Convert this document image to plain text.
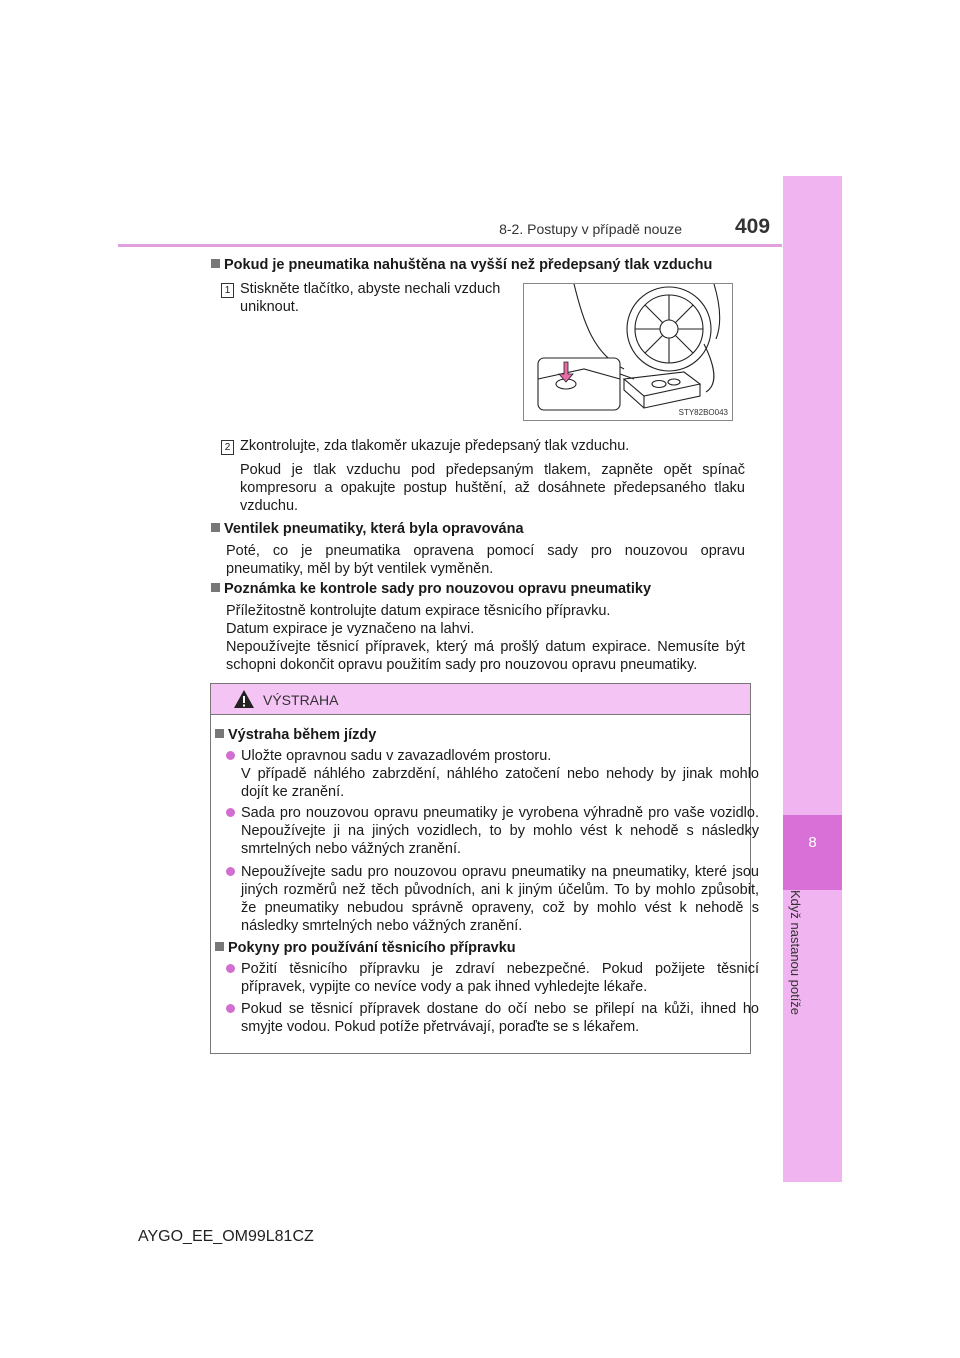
8
Když nastanou potíže
8-2. Postupy v případě nouze	409
Pokud je pneumatika nahuštěna na vyšší než předepsaný tlak vzduchu
1 Stiskněte tlačítko, abyste nechali vzduch uniknout.
STY82BO043
2 Zkontrolujte, zda tlakoměr ukazuje předepsaný tlak vzduchu.
Pokud je tlak vzduchu pod předepsaným tlakem, zapněte opět spínač kompresoru a opakujte postup huštění, až dosáhnete předepsaného tlaku vzduchu.
Ventilek pneumatiky, která byla opravována
Poté, co je pneumatika opravena pomocí sady pro nouzovou opravu pneumatiky, měl by být ventilek vyměněn.
Poznámka ke kontrole sady pro nouzovou opravu pneumatiky
Příležitostně kontrolujte datum expirace těsnicího přípravku.
Datum expirace je vyznačeno na lahvi.
Nepoužívejte těsnicí přípravek, který má prošlý datum expirace. Nemusíte být schopni dokončit opravu použitím sady pro nouzovou opravu pneumatiky.
VÝSTRAHA
Výstraha během jízdy
Uložte opravnou sadu v zavazadlovém prostoru.
V případě náhlého zabrzdění, náhlého zatočení nebo nehody by jinak mohlo dojít ke zranění.
Sada pro nouzovou opravu pneumatiky je vyrobena výhradně pro vaše vozidlo. Nepoužívejte ji na jiných vozidlech, to by mohlo vést k nehodě s následky smrtelných nebo vážných zranění.
Nepoužívejte sadu pro nouzovou opravu pneumatiky na pneumatiky, které jsou jiných rozměrů než těch původních, ani k jiným účelům. To by mohlo způsobit, že pneumatiky nebudou správně opraveny, což by mohlo vést k nehodě s následky smrtelných nebo vážných zranění.
Pokyny pro používání těsnicího přípravku
Požití těsnicího přípravku je zdraví nebezpečné. Pokud požijete těsnicí přípravek, vypijte co nevíce vody a pak ihned vyhledejte lékaře.
Pokud se těsnicí přípravek dostane do očí nebo se přilepí na kůži, ihned ho smyjte vodou. Pokud potíže přetrvávají, poraďte se s lékařem.
AYGO_EE_OM99L81CZ
